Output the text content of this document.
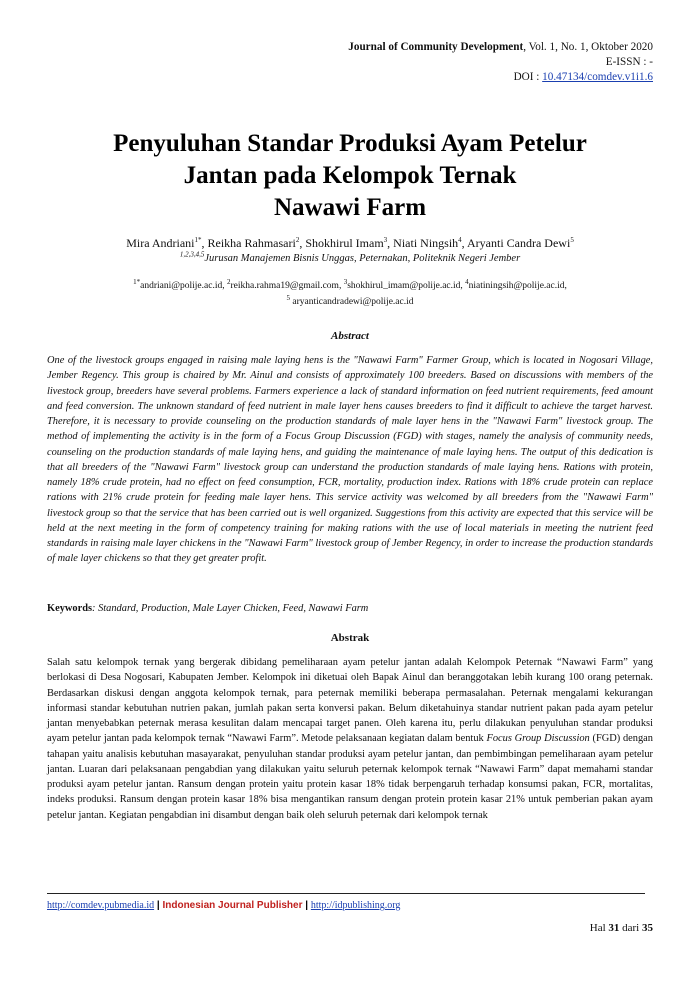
Journal of Community Development, Vol. 1, No. 1, Oktober 2020
E-ISSN : -
DOI : 10.47134/comdev.v1i1.6
Penyuluhan Standar Produksi Ayam Petelur
Jantan pada Kelompok Ternak
Nawawi Farm
Mira Andriani$^{1*}$, Reikha Rahmasari$^2$, Shokhirul Imam$^3$, Niati Ningsih$^4$, Aryanti Candra Dewi$^5$
$^{1,2,3,4,5}$Jurusan Manajemen Bisnis Unggas, Peternakan, Politeknik Negeri Jember
$^{1*}$andriani@polije.ac.id, $^2$reikha.rahma19@gmail.com, $^3$shokhirul_imam@polije.ac.id, $^4$niatiningsih@polije.ac.id,
$^5$ aryanticandradewi@polije.ac.id
Abstract
One of the livestock groups engaged in raising male laying hens is the "Nawawi Farm" Farmer Group, which is located in Nogosari Village, Jember Regency. This group is chaired by Mr. Ainul and consists of approximately 100 breeders. Based on discussions with members of the livestock group, breeders have several problems. Farmers experience a lack of standard information on feed nutrient requirements, feed amount and feed conversion. The unknown standard of feed nutrient in male layer hens causes breeders to find it difficult to achieve the target harvest. Therefore, it is necessary to provide counseling on the production standards of male layer hens in the "Nawawi Farm" livestock group. The method of implementing the activity is in the form of a Focus Group Discussion (FGD) with stages, namely the analysis of community needs, counseling on the production standards of male laying hens, and guiding the maintenance of male laying hens. The output of this dedication is that all breeders of the "Nawawi Farm" livestock group can understand the production standards of male laying hens. Rations with protein, namely 18% crude protein, had no effect on feed consumption, FCR, mortality, production index. Rations with 18% crude protein can replace rations with 21% crude protein for feeding male layer hens. This service activity was welcomed by all breeders from the "Nawawi Farm" livestock group so that the service that has been carried out is well organized. Suggestions from this activity are expected that this service will be held at the next meeting in the form of competency training for making rations with the use of local materials in meeting the nutrient feed standards in raising male layer chickens in the "Nawawi Farm" livestock group of Jember Regency, in order to increase the production standards of male layer chickens so that they get greater profit.
Keywords: Standard, Production, Male Layer Chicken, Feed, Nawawi Farm
Abstrak
Salah satu kelompok ternak yang bergerak dibidang pemeliharaan ayam petelur jantan adalah Kelompok Peternak “Nawawi Farm” yang berlokasi di Desa Nogosari, Kabupaten Jember. Kelompok ini diketuai oleh Bapak Ainul dan beranggotakan lebih kurang 100 orang peternak. Berdasarkan diskusi dengan anggota kelompok ternak, para peternak memiliki beberapa permasalahan. Peternak mengalami kekurangan informasi standar kebutuhan nutrien pakan, jumlah pakan serta konversi pakan. Belum diketahuinya standar nutrient pakan pada ayam petelur jantan menyebabkan peternak merasa kesulitan dalam mencapai target panen. Oleh karena itu, perlu dilakukan penyuluhan standar produksi ayam petelur jantan pada kelompok ternak “Nawawi Farm”. Metode pelaksanaan kegiatan dalam bentuk Focus Group Discussion (FGD) dengan tahapan yaitu analisis kebutuhan masayarakat, penyuluhan standar produksi ayam petelur jantan, dan pembimbingan pemeliharaan ayam petelur jantan. Luaran dari pelaksanaan pengabdian yang dilakukan yaitu seluruh peternak kelompok ternak “Nawawi Farm” dapat memahami standar produksi ayam petelur jantan. Ransum dengan protein yaitu protein kasar 18% tidak berpengaruh terhadap konsumsi pakan, FCR, mortalitas, indeks produksi. Ransum dengan protein kasar 18% bisa mengantikan ransum dengan protein protein kasar 21% untuk pemberian pakan ayam petelur jantan. Kegiatan pengabdian ini disambut dengan baik oleh seluruh peternak dari kelompok ternak
http://comdev.pubmedia.id | Indonesian Journal Publisher | http://idpublishing.org
Hal 31 dari 35
